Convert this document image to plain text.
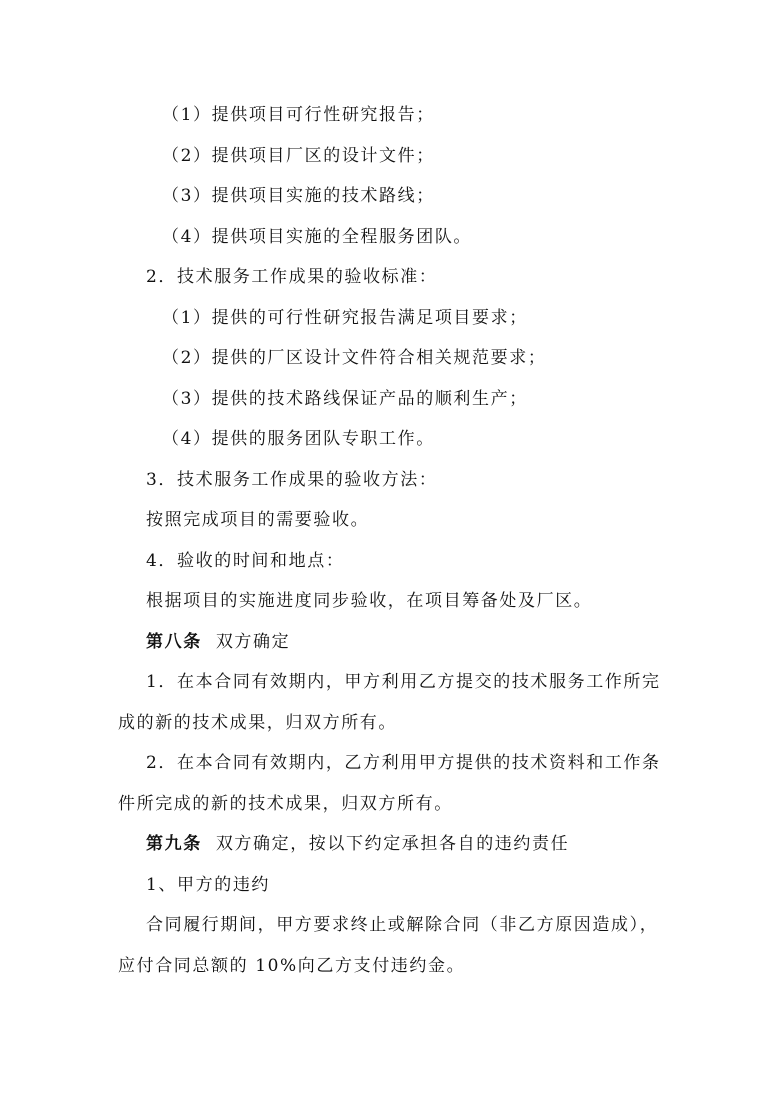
（1）提供项目可行性研究报告；
（2）提供项目厂区的设计文件；
（3）提供项目实施的技术路线；
（4）提供项目实施的全程服务团队。
2．技术服务工作成果的验收标准：
（1）提供的可行性研究报告满足项目要求；
（2）提供的厂区设计文件符合相关规范要求；
（3）提供的技术路线保证产品的顺利生产；
（4）提供的服务团队专职工作。
3．技术服务工作成果的验收方法：
按照完成项目的需要验收。
4．验收的时间和地点：
根据项目的实施进度同步验收，在项目筹备处及厂区。
第八条 双方确定
1．在本合同有效期内，甲方利用乙方提交的技术服务工作所完
成的新的技术成果，归双方所有。
2．在本合同有效期内，乙方利用甲方提供的技术资料和工作条
件所完成的新的技术成果，归双方所有。
第九条 双方确定，按以下约定承担各自的违约责任
1、甲方的违约
合同履行期间，甲方要求终止或解除合同（非乙方原因造成），
应付合同总额的 10%向乙方支付违约金。
